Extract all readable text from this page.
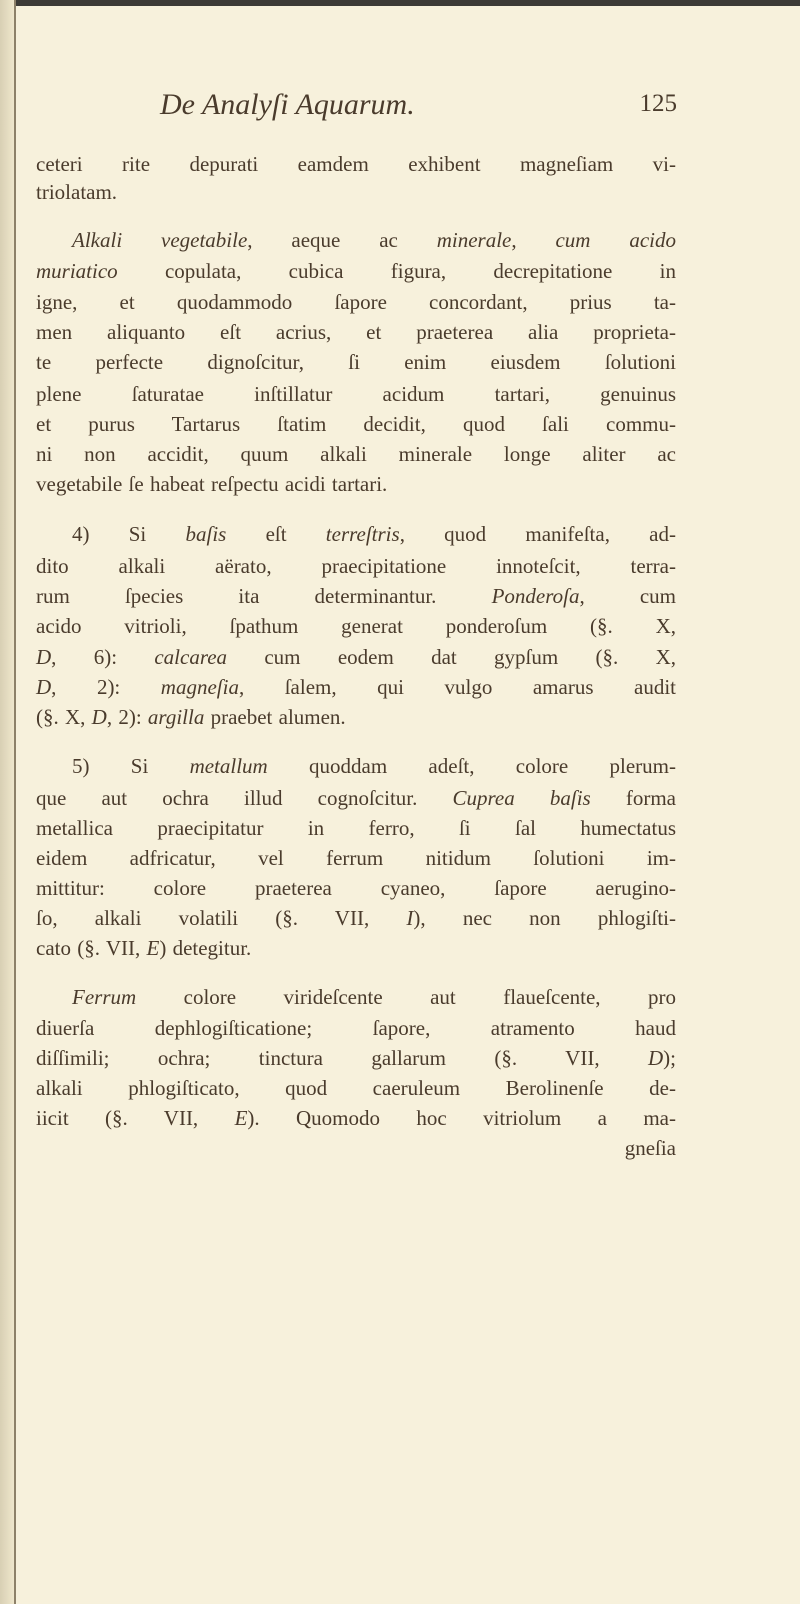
De Analyſi Aquarum.	125
ceteri rite depurati eamdem exhibent magneſiam vi-
triolatam.
Alkali vegetabile, aeque ac minerale, cum acido
muriatico copulata, cubica figura, decrepitatione in
igne, et quodammodo ſapore concordant, prius ta-
men aliquanto eſt acrius, et praeterea alia proprieta-
te perfecte dignoſcitur, ſi enim eiusdem ſolutioni
plene ſaturatae inſtillatur acidum tartari, genuinus
et purus Tartarus ſtatim decidit, quod ſali commu-
ni non accidit, quum alkali minerale longe aliter ac
vegetabile ſe habeat reſpectu acidi tartari.
4) Si baſis eſt terreſtris, quod manifeſta, ad-
dito alkali aërato, praecipitatione innoteſcit, terra-
rum ſpecies ita determinantur. Ponderoſa, cum
acido vitrioli, ſpathum generat ponderoſum (§. X,
D, 6): calcarea cum eodem dat gypſum (§. X,
D, 2): magneſia, ſalem, qui vulgo amarus audit
(§. X, D, 2): argilla praebet alumen.
5) Si metallum quoddam adeſt, colore plerum-
que aut ochra illud cognoſcitur. Cuprea baſis forma
metallica praecipitatur in ferro, ſi ſal humectatus
eidem adfricatur, vel ferrum nitidum ſolutioni im-
mittitur: colore praeterea cyaneo, ſapore aerugino-
ſo, alkali volatili (§. VII, I), nec non phlogiſti-
cato (§. VII, E) detegitur.
Ferrum colore virideſcente aut flaueſcente, pro
diuerſa dephlogiſticatione; ſapore, atramento haud
diſſimili; ochra; tinctura gallarum (§. VII, D);
alkali phlogiſticato, quod caeruleum Berolinenſe de-
iicit (§. VII, E). Quomodo hoc vitriolum a ma-
gneſia
